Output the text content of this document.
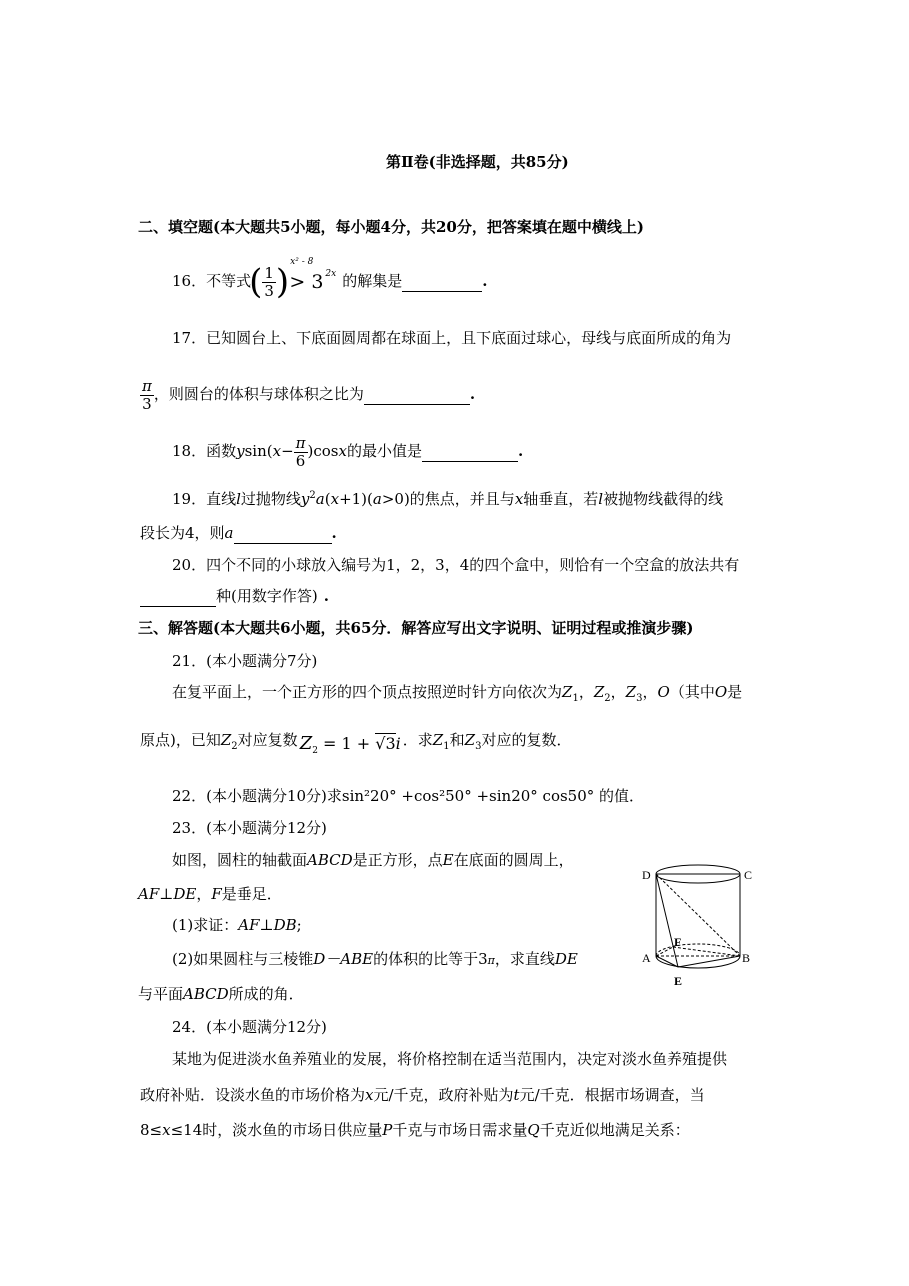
第Ⅱ卷(非选择题，共85分)
二、填空题(本大题共5小题，每小题4分，共20分，把答案填在题中横线上)
16．不等式( $\frac{1}{3} )^{x^2 ‑ 8}> 3$ $^{2x}$ 的解集是	.
17．已知圆台上、下底面圆周都在球面上，且下底面过球心，母线与底面所成的角为
$\frac{\pi}{3}$ ，则圆台的体积与球体积之比为	.
18．函数$ysin(x- \frac{\pi}{6} )\cos x$的最小值是	.
19．直线l过抛物线$y^2a(x+1)(a>0)$的焦点，并且与x轴垂直，若l被抛物线截得的线
段长为4，则a	.
20．四个不同的小球放入编号为1，2，3，4的四个盒中，则恰有一个空盒的放法共有
种(用数字作答) .
三、解答题(本大题共6小题，共65分．解答应写出文字说明、证明过程或推演步骤)
21．(本小题满分7分)
在复平面上，一个正方形的四个顶点按照逆时针方向依次为$Z_1$，$Z_2$，$Z_3$，O（其中O是
原点)，已知$Z_2$对应复数 $Z_2 = 1 + √3i$ ．求$Z_1$和$Z_3$对应的复数．
22．(本小题满分10分)求sin²20° +cos²50° +sin20° cos50° 的值．
23．(本小题满分12分)
如图，圆柱的轴截面ABCD是正方形，点E在底面的圆周上，
AF⊥DE，F是垂足．
(1)求证：AF⊥DB;
(2)如果圆柱与三棱锥D－ABE的体积的比等于3π，求直线DE
与平面ABCD所成的角．
D	C
A	B
F
E
24．(本小题满分12分)
某地为促进淡水鱼养殖业的发展，将价格控制在适当范围内，决定对淡水鱼养殖提供
政府补贴．设淡水鱼的市场价格为x元/千克，政府补贴为t元/千克．根据市场调查，当
8≤x≤14时，淡水鱼的市场日供应量P千克与市场日需求量Q千克近似地满足关系：
